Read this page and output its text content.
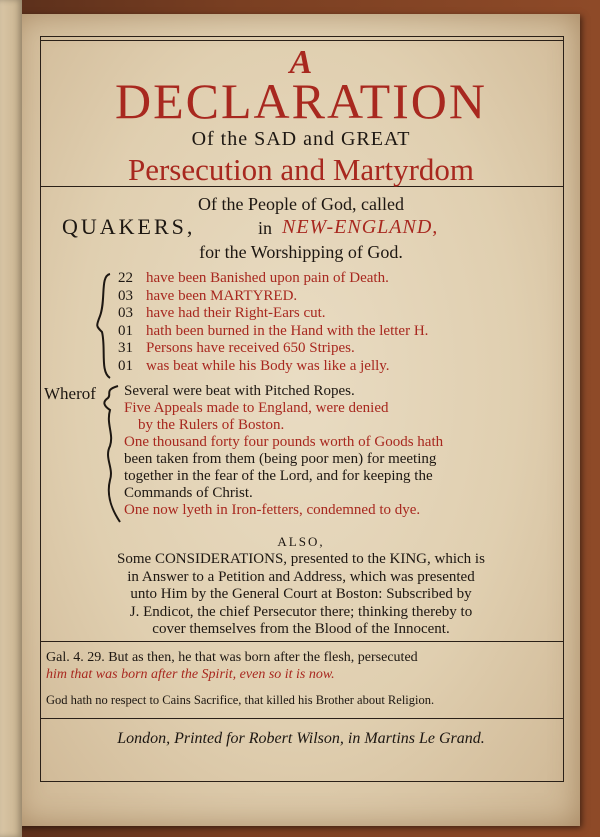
A
DECLARATION
Of the SAD and GREAT
Persecution and Martyrdom
Of the People of God, called
QUAKERS,	in NEW-ENGLAND,
for the Worshipping of God.
22 have been Banished upon pain of Death.
03 have been MARTYRED.
03 have had their Right-Ears cut.
01 hath been burned in the Hand with the letter H.
31 Persons have received 650 Stripes.
01 was beat while his Body was like a jelly.
Wherof Several were beat with Pitched Ropes.
Five Appeals made to England, were denied
by the Rulers of Boston.
One thousand forty four pounds worth of Goods hath
been taken from them (being poor men) for meeting
together in the fear of the Lord, and for keeping the
Commands of Christ.
One now lyeth in Iron-fetters, condemned to dye.
ALSO,
Some CONSIDERATIONS, presented to the KING, which is
in Answer to a Petition and Address, which was presented
unto Him by the General Court at Boston: Subscribed by
J. Endicot, the chief Persecutor there; thinking thereby to
cover themselves from the Blood of the Innocent.
Gal. 4. 29. But as then, he that was born after the flesh, persecuted
him that was born after the Spirit, even so it is now.
God hath no respect to Cains Sacrifice, that killed his Brother about Religion.
London, Printed for Robert Wilson, in Martins Le Grand.
